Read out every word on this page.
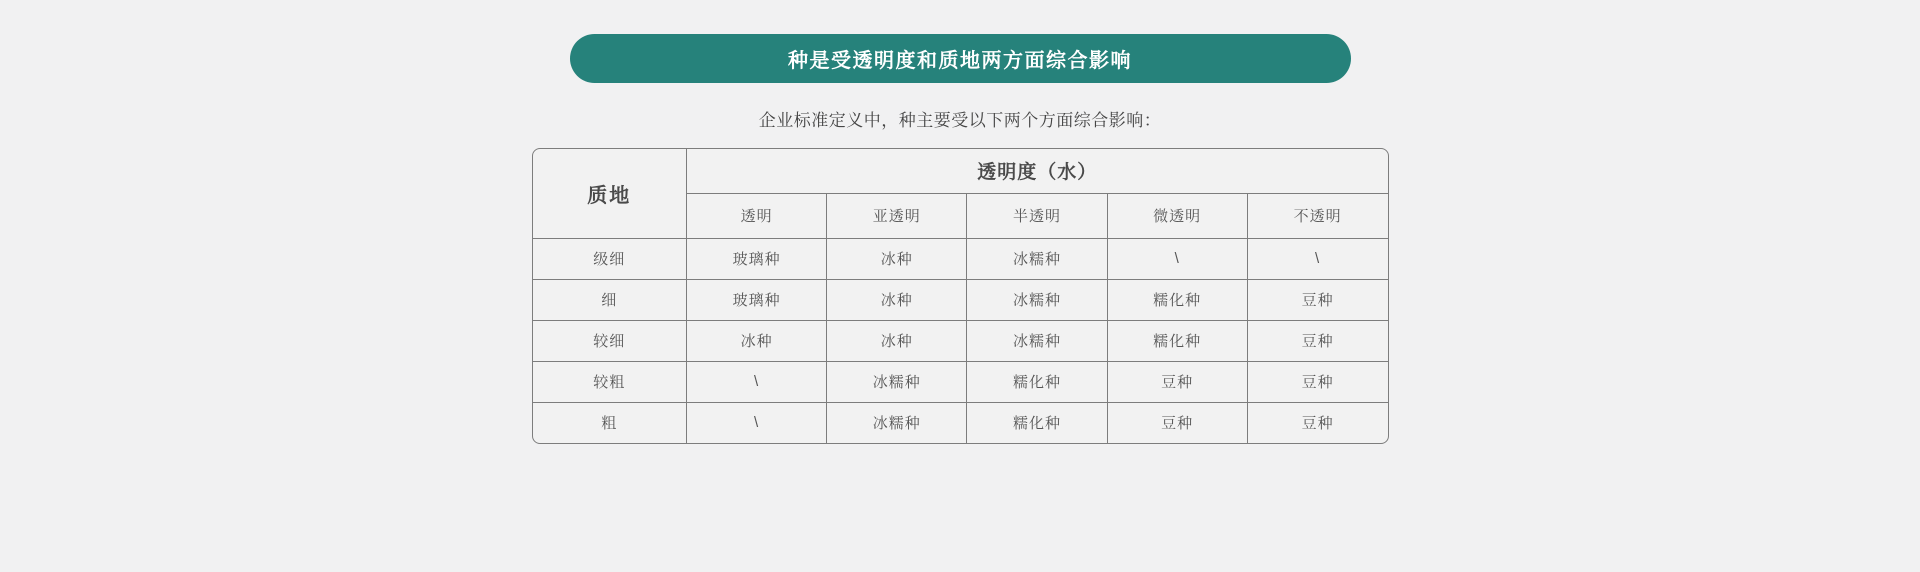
种是受透明度和质地两方面综合影响
企业标准定义中，种主要受以下两个方面综合影响：
质地	透明度（水）				
	透明	亚透明	半透明	微透明	不透明
级细	玻璃种	冰种	冰糯种	\	\
细	玻璃种	冰种	冰糯种	糯化种	豆种
较细	冰种	冰种	冰糯种	糯化种	豆种
较粗	\	冰糯种	糯化种	豆种	豆种
粗	\	冰糯种	糯化种	豆种	豆种
